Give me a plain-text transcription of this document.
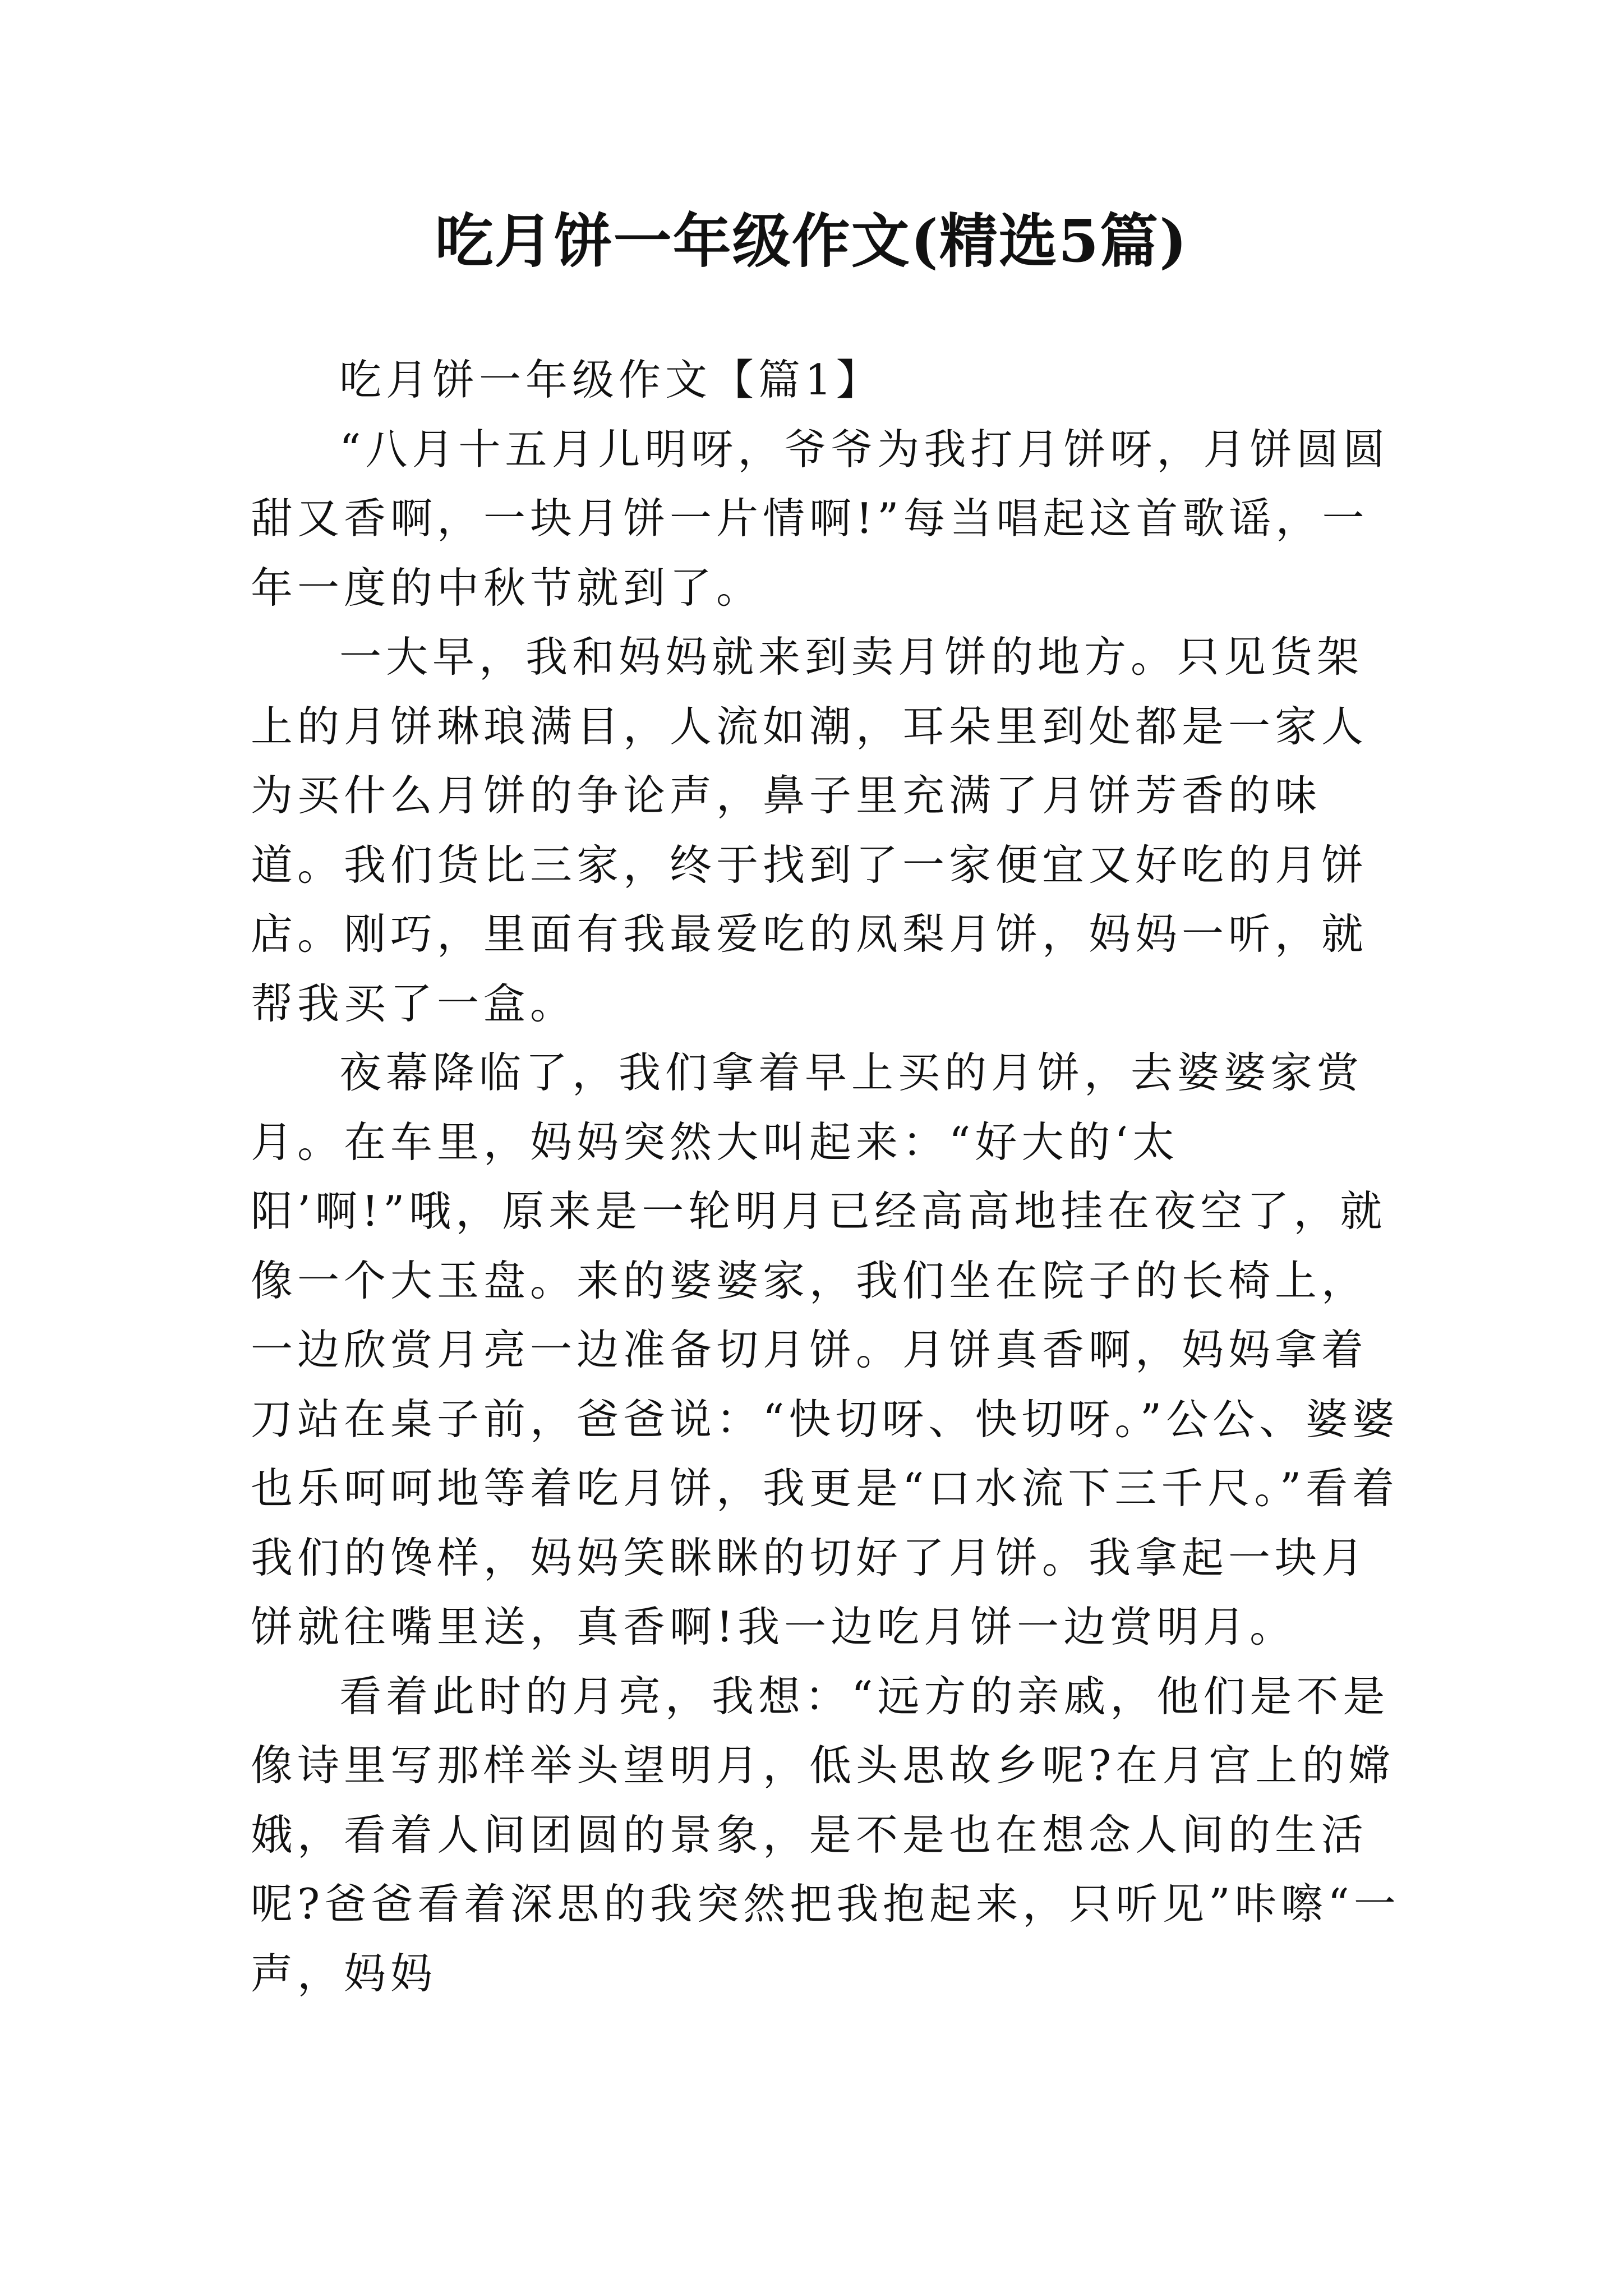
吃月饼一年级作文(精选5篇)

吃月饼一年级作文【篇1】

“八月十五月儿明呀，爷爷为我打月饼呀，月饼圆圆甜又香啊，一块月饼一片情啊!”每当唱起这首歌谣，一年一度的中秋节就到了。

一大早，我和妈妈就来到卖月饼的地方。只见货架上的月饼琳琅满目，人流如潮，耳朵里到处都是一家人为买什么月饼的争论声，鼻子里充满了月饼芳香的味道。我们货比三家，终于找到了一家便宜又好吃的月饼店。刚巧，里面有我最爱吃的凤梨月饼，妈妈一听，就帮我买了一盒。

夜幕降临了，我们拿着早上买的月饼，去婆婆家赏月。在车里，妈妈突然大叫起来：“好大的‘太阳’啊!”哦，原来是一轮明月已经高高地挂在夜空了，就像一个大玉盘。来的婆婆家，我们坐在院子的长椅上，一边欣赏月亮一边准备切月饼。月饼真香啊，妈妈拿着刀站在桌子前，爸爸说：“快切呀、快切呀。”公公、婆婆也乐呵呵地等着吃月饼，我更是“口水流下三千尺。”看着我们的馋样，妈妈笑眯眯的切好了月饼。我拿起一块月饼就往嘴里送，真香啊!我一边吃月饼一边赏明月。

看着此时的月亮，我想：“远方的亲戚，他们是不是像诗里写那样举头望明月，低头思故乡呢?在月宫上的嫦娥，看着人间团圆的景象，是不是也在想念人间的生活呢?爸爸看着深思的我突然把我抱起来，只听见”咔嚓“一声，妈妈
